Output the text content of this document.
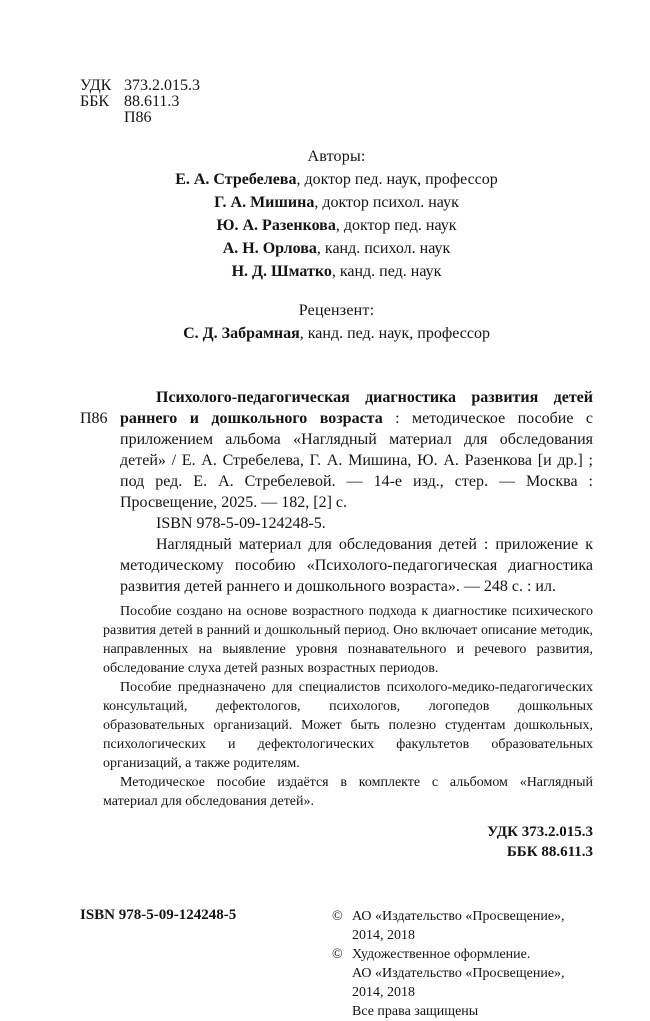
УДК 373.2.015.3
ББК 88.611.3
П86
Авторы:
Е. А. Стребелева, доктор пед. наук, профессор
Г. А. Мишина, доктор психол. наук
Ю. А. Разенкова, доктор пед. наук
А. Н. Орлова, канд. психол. наук
Н. Д. Шматко, канд. пед. наук
Рецензент:
С. Д. Забрамная, канд. пед. наук, профессор
П86

Психолого-педагогическая диагностика развития детей раннего и дошкольного возраста : методическое пособие с приложением альбома «Наглядный материал для обследования детей» / Е. А. Стребелева, Г. А. Мишина, Ю. А. Разенкова [и др.] ; под ред. Е. А. Стребелевой. — 14-е изд., стер. — Москва : Просвещение, 2025. — 182, [2] с.

ISBN 978-5-09-124248-5.

Наглядный материал для обследования детей : приложение к методическому пособию «Психолого-педагогическая диагностика развития детей раннего и дошкольного возраста». — 248 с. : ил.

Пособие создано на основе возрастного подхода к диагностике психического развития детей в ранний и дошкольный период. Оно включает описание методик, направленных на выявление уровня познавательного и речевого развития, обследование слуха детей разных возрастных периодов.

Пособие предназначено для специалистов психолого-медико-педагогических консультаций, дефектологов, психологов, логопедов дошкольных образовательных организаций. Может быть полезно студентам дошкольных, психологических и дефектологических факультетов образовательных организаций, а также родителям.

Методическое пособие издаётся в комплекте с альбомом «Наглядный материал для обследования детей».

УДК 373.2.015.3
ББК 88.611.3
ISBN 978-5-09-124248-5	© АО «Издательство «Просвещение»,
2014, 2018
© Художественное оформление.
АО «Издательство «Просвещение»,
2014, 2018
Все права защищены
